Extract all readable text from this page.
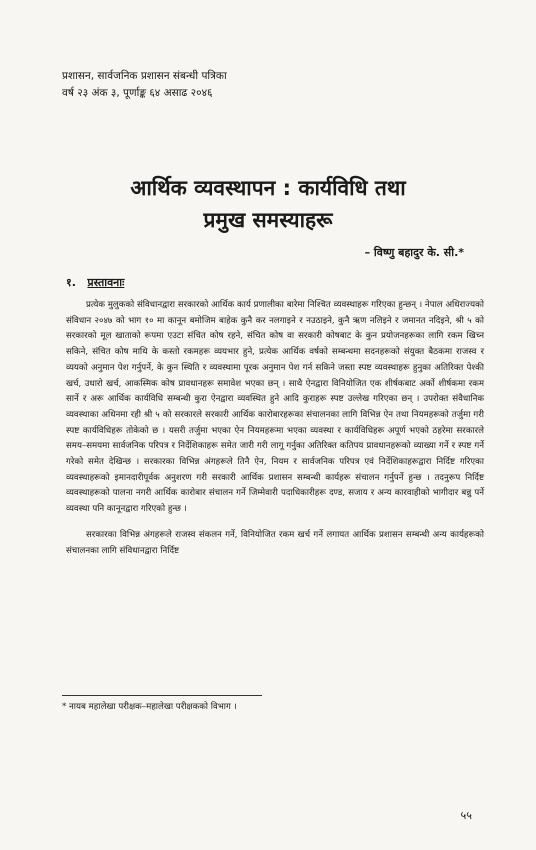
प्रशासन, सार्वजनिक प्रशासन संबन्धी पत्रिका
वर्ष २३ अंक ३, पूर्णाङ्क ६४ असाढ २०४६
आर्थिक व्यवस्थापन : कार्यविधि तथा
प्रमुख समस्याहरू
– विष्णु बहादुर के. सी.*
१. प्रस्तावनाः

प्रत्येक मुलुकको संविधानद्वारा सरकारको आर्थिक कार्य प्रणालीका बारेमा निश्चित व्यवस्थाहरू गरिएका हुन्छन् । नेपाल अधिराज्यको संविधान २०४७ को भाग १० मा कानून बमोजिम बाहेक कुनै कर नलगाइने र नउठाइने, कुनै ऋण नलिइने र जमानत नदिइने, श्री ५ को सरकारको मूल खाताको रूपमा एउटा संचित कोष रहने, संचित कोष वा सरकारी कोषबाट के कुन प्रयोजनहरूका लागि रकम खिच्न सकिने, संचित कोष माथि के कस्तो रकमहरू व्ययभार हुने, प्रत्येक आर्थिक वर्षको सम्बन्धमा सदनहरूको संयुक्त बैठकमा राजस्व र व्ययको अनुमान पेश गर्नुपर्ने, के कुन स्थिति र व्यवस्थामा पूरक अनुमान पेश गर्न सकिने जस्ता स्पष्ट व्यवस्थाहरू हुनुका अतिरिक्त पेश्की खर्च, उधारो खर्च, आकस्मिक कोष प्रावधानहरू समावेश भएका छन् । साथै ऐनद्वारा विनियोजित एक शीर्षकबाट अर्को शीर्षकमा रकम सार्ने र अरू आर्थिक कार्यविधि सम्बन्धी कुरा ऐनद्वारा व्यवस्थित हुने आदि कुराहरू स्पष्ट उल्लेख गरिएका छन् । उपरोक्त संवैधानिक व्यवस्थाका अधिनमा रही श्री ५ को सरकारले सरकारी आर्थिक कारोबारहरूका संचालनका लागि विभिन्न ऐन तथा नियमहरूको तर्जुमा गरी स्पष्ट कार्यविधिहरू तोकेको छ । यसरी तर्जुमा भएका ऐन नियमहरूमा भएका व्यवस्था र कार्यविधिहरू अपूर्ण भएको ठहरेमा सरकारले समय–समयमा सार्वजनिक परिपत्र र निर्देशिकाहरू समेत जारी गरी लागू गर्नुका अतिरिक्त कतिपय प्रावधानहरूको व्याख्या गर्ने र स्पष्ट गर्ने गरेको समेत देखिन्छ । सरकारका विभिन्न अंगहरूले तिनै ऐन, नियम र सार्वजनिक परिपत्र एवं निर्देशिकाहरूद्वारा निर्दिष्ट गरिएका व्यवस्थाहरूको इमानदारीपूर्वक अनुशरण गरी सरकारी आर्थिक प्रशासन सम्बन्धी कार्यहरू संचालन गर्नुपर्ने हुन्छ । तदनुरूप निर्दिष्ट व्यवस्थाहरूको पालना नगरी आर्थिक कारोबार संचालन गर्ने जिम्मेवारी पदाधिकारीहरू दण्ड, सजाय र अन्य कारवाहीको भागीदार बन्नु पर्ने व्यवस्था पनि कानूनद्वारा गरिएको हुन्छ ।

सरकारका विभिन्न अंगहरूले राजस्व संकलन गर्ने, विनियोजित रकम खर्च गर्ने लगायत आर्थिक प्रशासन सम्बन्धी अन्य कार्यहरूको संचालनका लागि संविधानद्वारा निर्दिष्ट

* नायब महालेखा परीक्षक–महालेखा परीक्षकको विभाग ।
५५
